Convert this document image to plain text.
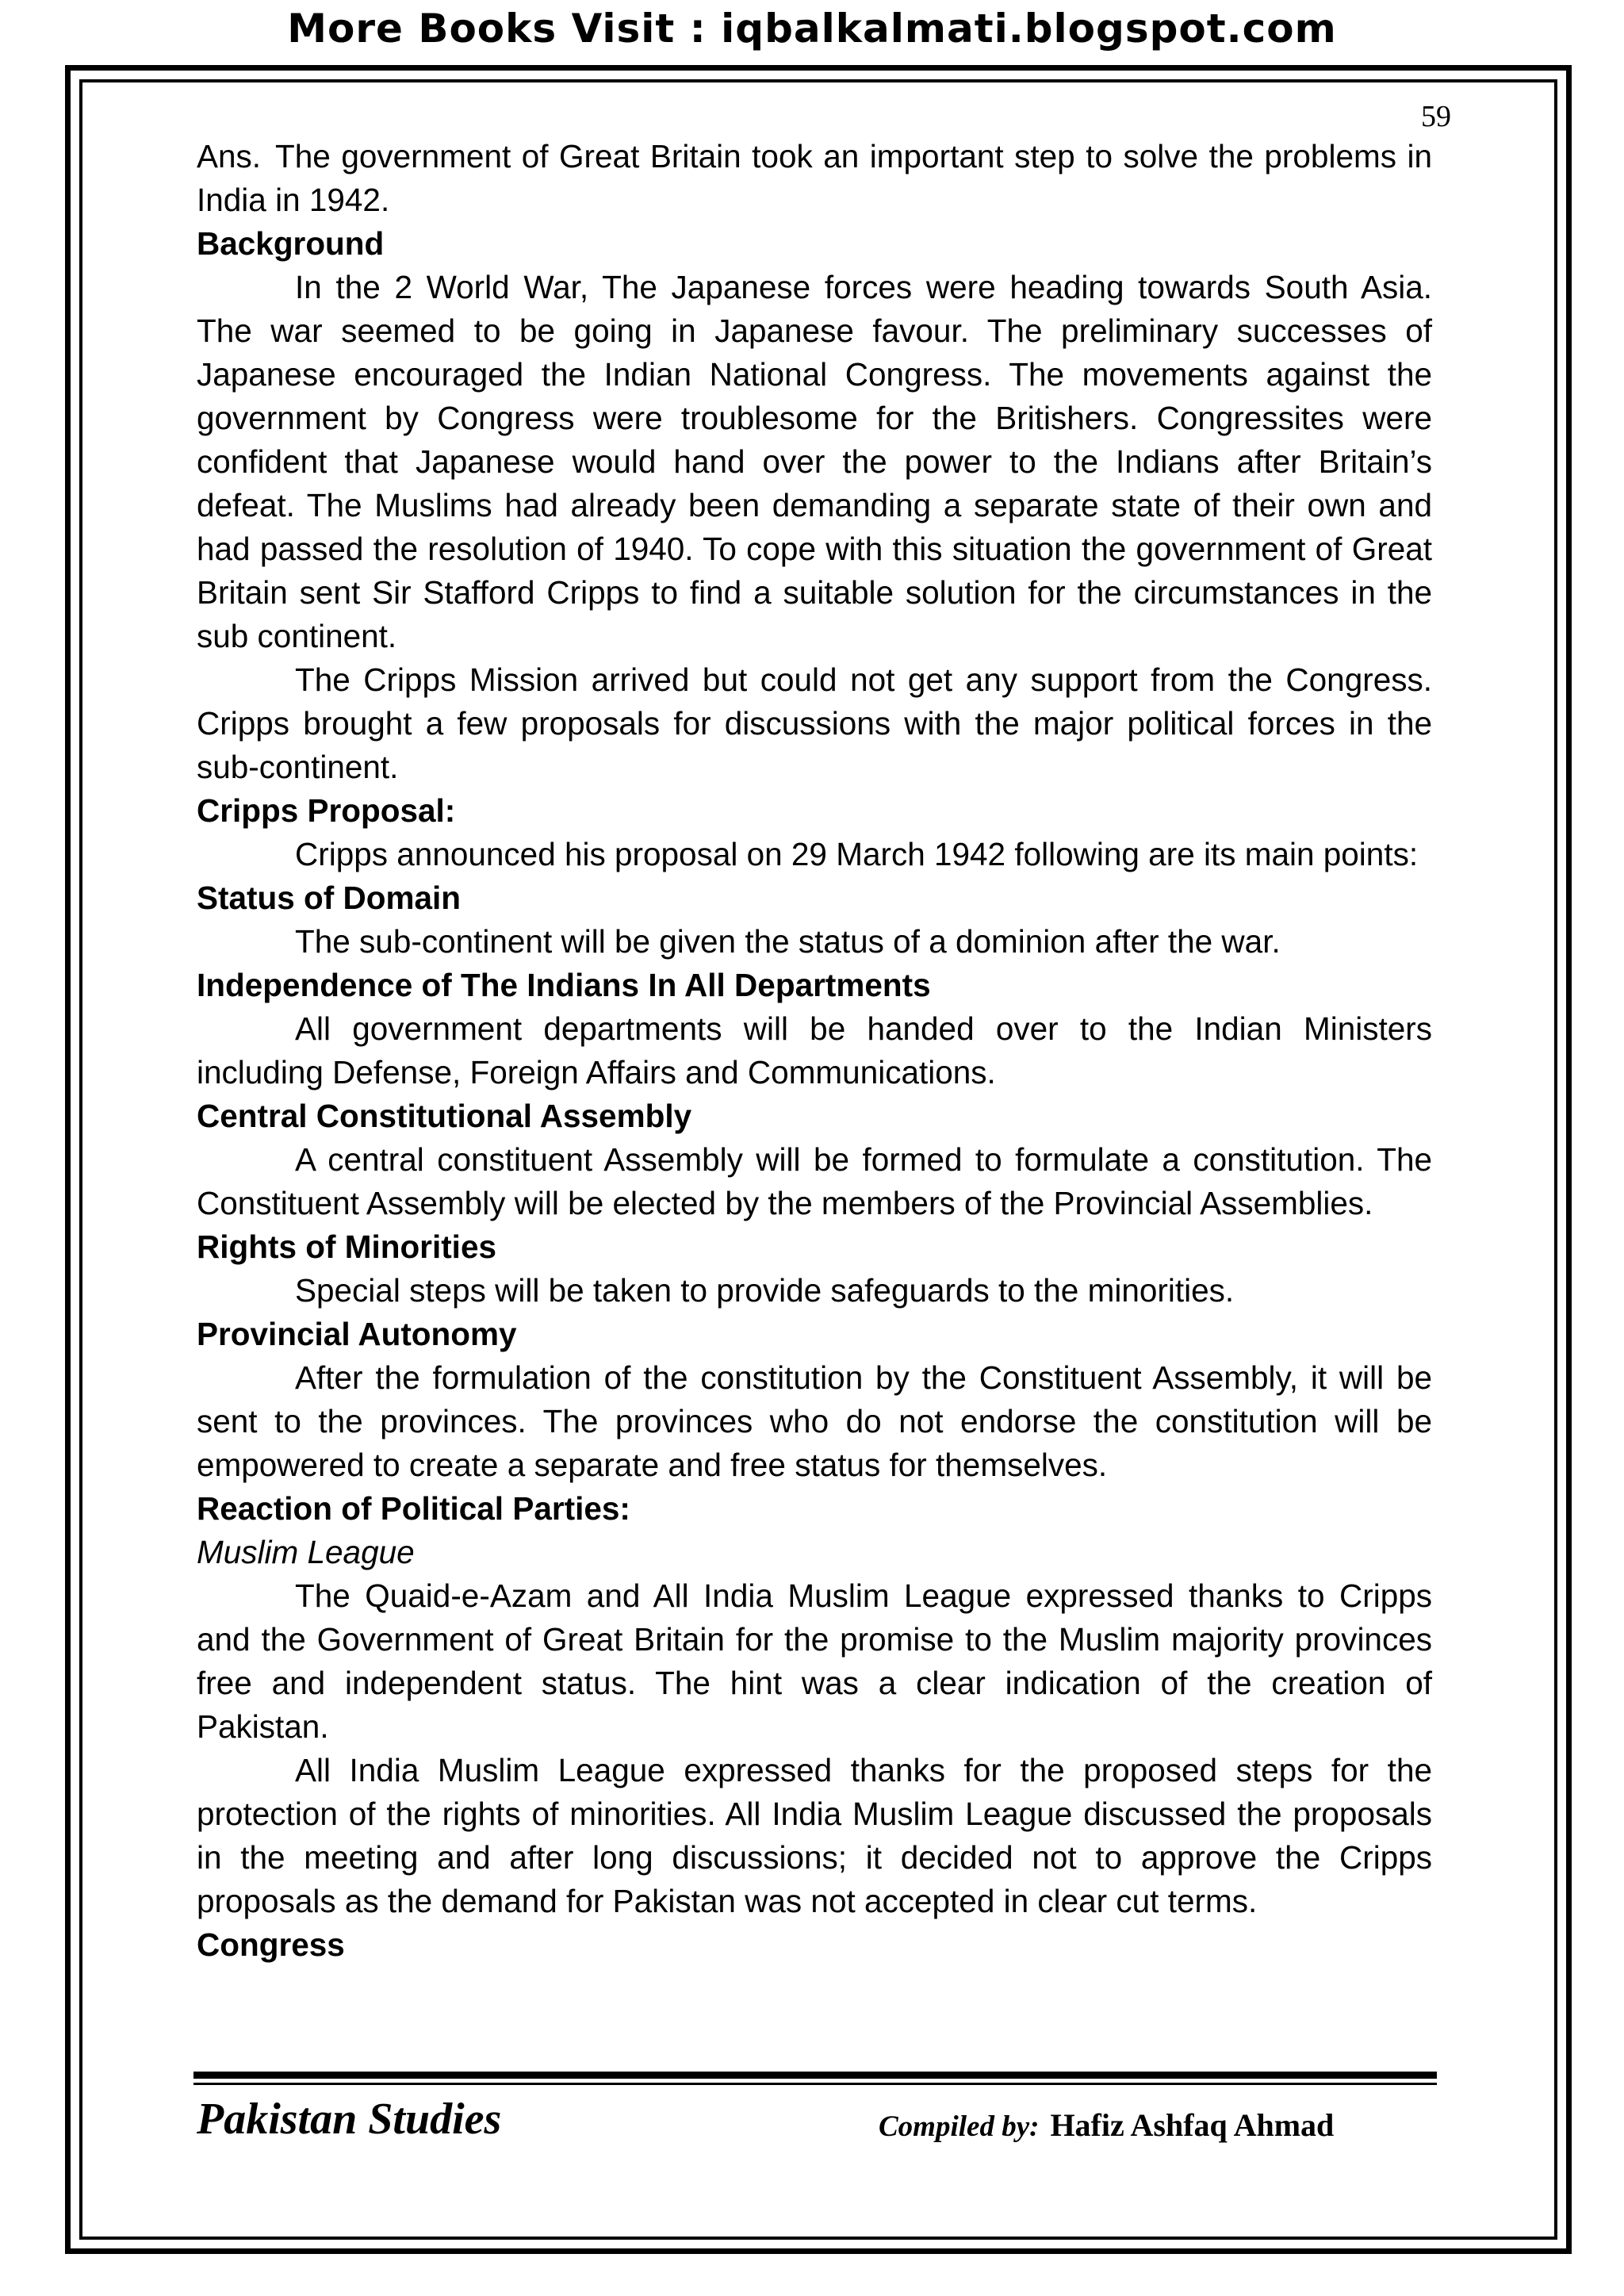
More Books Visit : iqbalkalmati.blogspot.com
59

Ans. The government of Great Britain took an important step to solve the problems in India in 1942.

Background

In the 2 World War, The Japanese forces were heading towards South Asia. The war seemed to be going in Japanese favour. The preliminary successes of Japanese encouraged the Indian National Congress. The movements against the government by Congress were troublesome for the Britishers. Congressites were confident that Japanese would hand over the power to the Indians after Britain’s defeat. The Muslims had already been demanding a separate state of their own and had passed the resolution of 1940. To cope with this situation the government of Great Britain sent Sir Stafford Cripps to find a suitable solution for the circumstances in the sub continent.

The Cripps Mission arrived but could not get any support from the Congress. Cripps brought a few proposals for discussions with the major political forces in the sub-continent.

Cripps Proposal:

Cripps announced his proposal on 29 March 1942 following are its main points:

Status of Domain

The sub-continent will be given the status of a dominion after the war.

Independence of The Indians In All Departments

All government departments will be handed over to the Indian Ministers including Defense, Foreign Affairs and Communications.

Central Constitutional Assembly

A central constituent Assembly will be formed to formulate a constitution. The Constituent Assembly will be elected by the members of the Provincial Assemblies.

Rights of Minorities

Special steps will be taken to provide safeguards to the minorities.

Provincial Autonomy

After the formulation of the constitution by the Constituent Assembly, it will be sent to the provinces. The provinces who do not endorse the constitution will be empowered to create a separate and free status for themselves.

Reaction of Political Parties:
Muslim League

The Quaid-e-Azam and All India Muslim League expressed thanks to Cripps and the Government of Great Britain for the promise to the Muslim majority provinces free and independent status. The hint was a clear indication of the creation of Pakistan.

All India Muslim League expressed thanks for the proposed steps for the protection of the rights of minorities. All India Muslim League discussed the proposals in the meeting and after long discussions; it decided not to approve the Cripps proposals as the demand for Pakistan was not accepted in clear cut terms.

Congress
Pakistan Studies	Compiled by: Hafiz Ashfaq Ahmad
